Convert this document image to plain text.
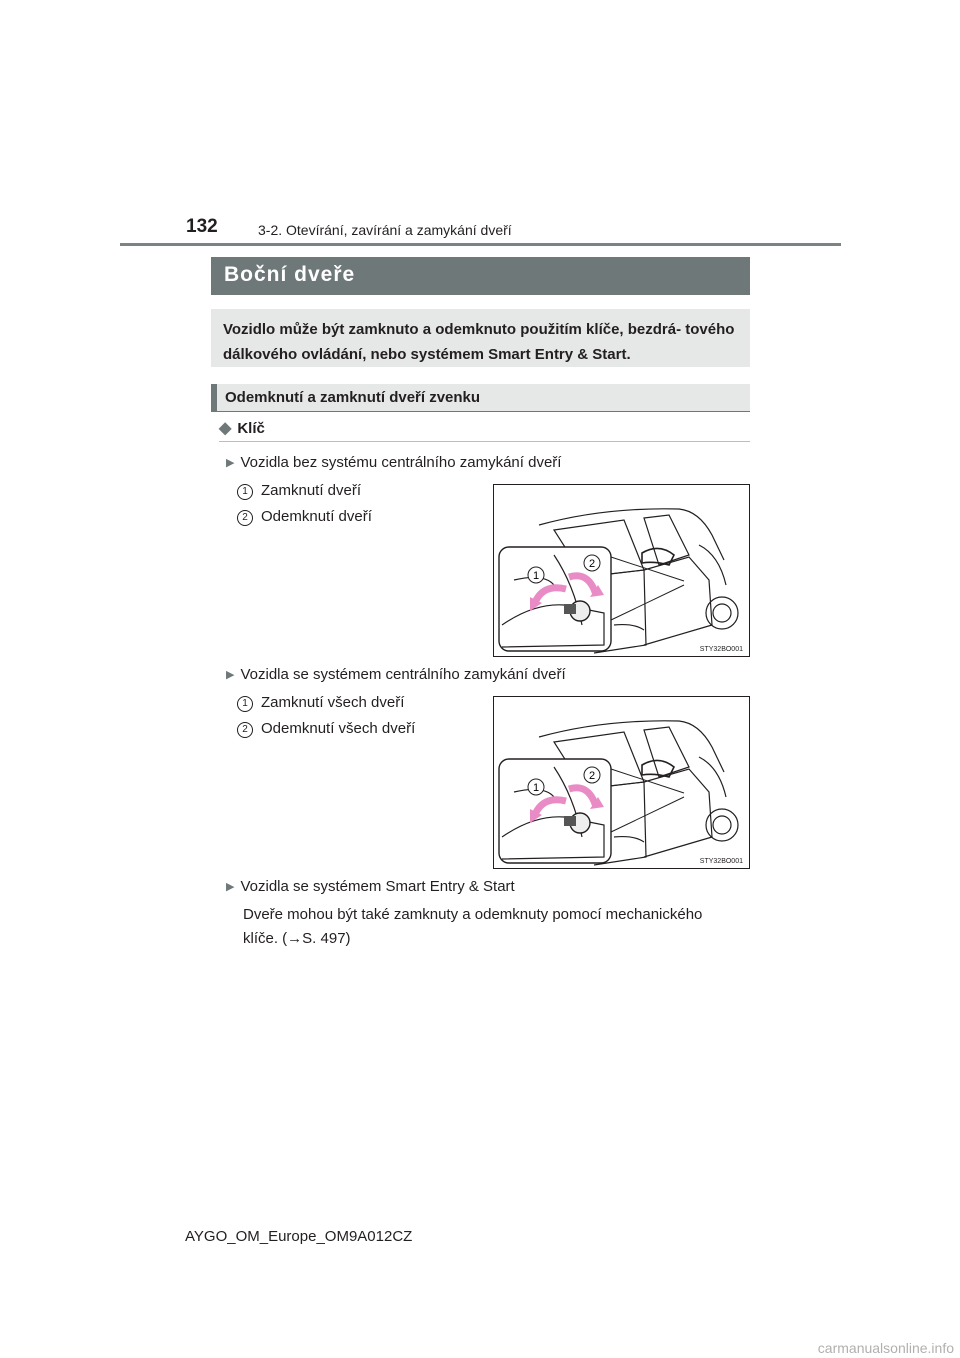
132	3-2. Otevírání, zavírání a zamykání dveří
Boční dveře
Vozidlo může být zamknuto a odemknuto použitím klíče, bezdrá- tového dálkového ovládání, nebo systémem Smart Entry & Start.
Odemknutí a zamknutí dveří zvenku
◆ Klíč
▶ Vozidla bez systému centrálního zamykání dveří
1 Zamknutí dveří
2 Odemknutí dveří
1
2
STY32BO001
▶ Vozidla se systémem centrálního zamykání dveří
1 Zamknutí všech dveří
2 Odemknutí všech dveří
1
2
STY32BO001
▶ Vozidla se systémem Smart Entry & Start
Dveře mohou být také zamknuty a odemknuty pomocí mechanického
klíče. (→S. 497)
AYGO_OM_Europe_OM9A012CZ
carmanualsonline.info
